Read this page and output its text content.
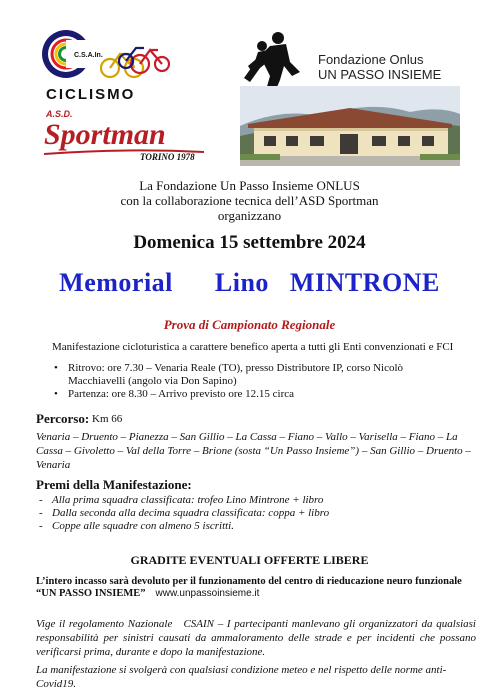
C.S.A.In.
CICLISMO
A.S.D.
Sportman
TORINO 1978
Fondazione Onlus
UN PASSO INSIEME
La Fondazione Un Passo Insieme ONLUS
con la collaborazione tecnica dell’ASD Sportman
organizzano
Domenica 15 settembre 2024
Memorial  Lino MINTRONE
Prova di Campionato Regionale
Manifestazione cicloturistica a carattere benefico aperta a tutti gli Enti convenzionati e FCI
• Ritrovo: ore 7.30 – Venaria Reale (TO), presso Distributore IP, corso Nicolò Macchiavelli (angolo via Don Sapino)
• Partenza: ore 8.30 – Arrivo previsto ore 12.15 circa
Percorso: Km 66
Venaria – Druento – Pianezza – San Gillio – La Cassa – Fiano – Vallo – Varisella – Fiano – La Cassa – Givoletto – Val della Torre – Brione (sosta “Un Passo Insieme”) – San Gillio – Druento – Venaria
Premi della Manifestazione:
- Alla prima squadra classificata: trofeo Lino Mintrone + libro
- Dalla seconda alla decima squadra classificata: coppa + libro
- Coppe alle squadre con almeno 5 iscritti.
GRADITE EVENTUALI OFFERTE LIBERE
L’intero incasso sarà devoluto per il funzionamento del centro di rieducazione neuro funzionale
“UN PASSO INSIEME” www.unpassoinsieme.it
Vige il regolamento Nazionale   CSAIN – I partecipanti manlevano gli organizzatori da qualsiasi responsabilità per sinistri causati da ammaloramento delle strade e per incidenti che possano verificarsi prima, durante e dopo la manifestazione.
La manifestazione si svolgerà con qualsiasi condizione meteo e nel rispetto delle norme anti-Covid19.
